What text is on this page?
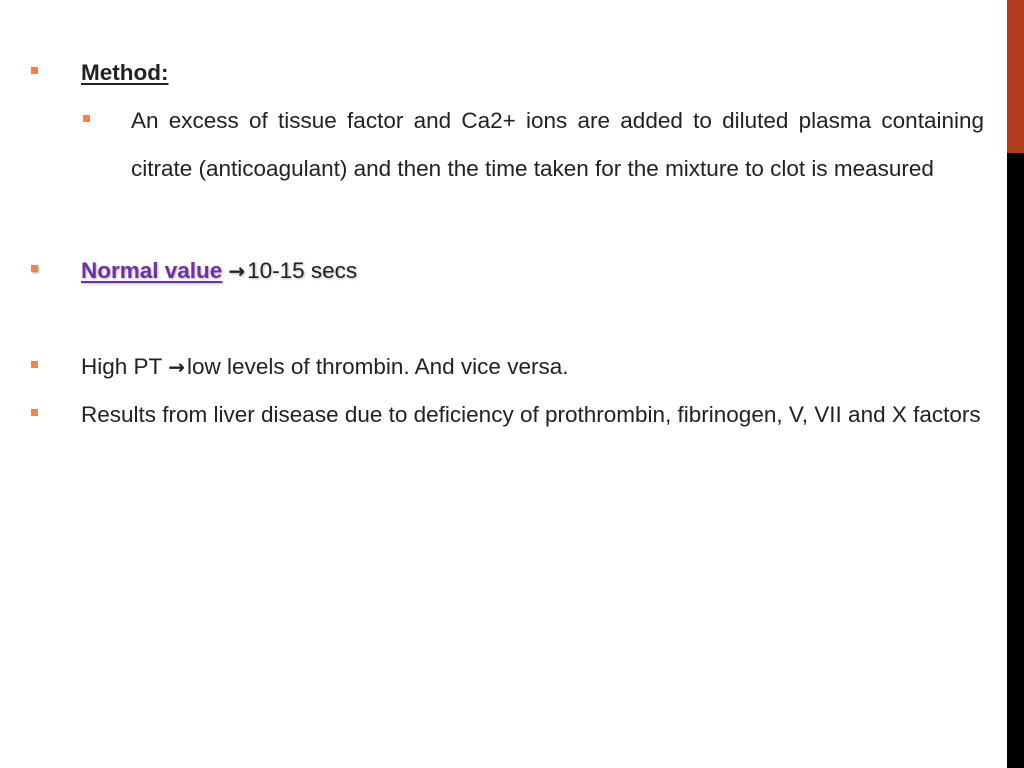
Method:
An excess of tissue factor and Ca2+ ions are added to diluted plasma containing citrate (anticoagulant) and then the time taken for the mixture to clot is measured
Normal value →10-15 secs
High PT →low levels of thrombin. And vice versa.
Results from liver disease due to deficiency of prothrombin, fibrinogen, V, VII and X factors
